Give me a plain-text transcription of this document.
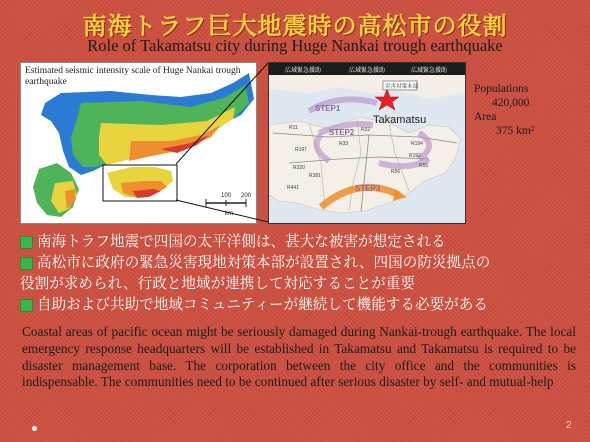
南海トラフ巨大地震時の高松市の役割
Role of Takamatsu city during Huge Nankai trough earthquake
Estimated seismic intensity scale of Huge Nankai trough earthquake
100 200
km
広域緊急援助	広域緊急援助	広域緊急援助
R11	R32
R194
R33
R55
R56
R192
R197
R320
R381
R441
STEP1
STEP2
STEP3
災害対策本部
Takamatsu
Populations
420,000
Area
375 km²
南海トラフ地震で四国の太平洋側は、甚大な被害が想定される
高松市に政府の緊急災害現地対策本部が設置され、四国の防災拠点の
役割が求められ、行政と地域が連携して対応することが重要
自助および共助で地域コミュニティーが継続して機能する必要がある
Coastal areas of pacific ocean might be seriously damaged during Nankai-trough earthquake. The local emergency response headquarters will be established in Takamatsu and Takamatsu is required to be disaster management base. The corporation between the city office and the communities is indispensable. The communities need to be continued after serious disaster by self- and mutual-help
2
